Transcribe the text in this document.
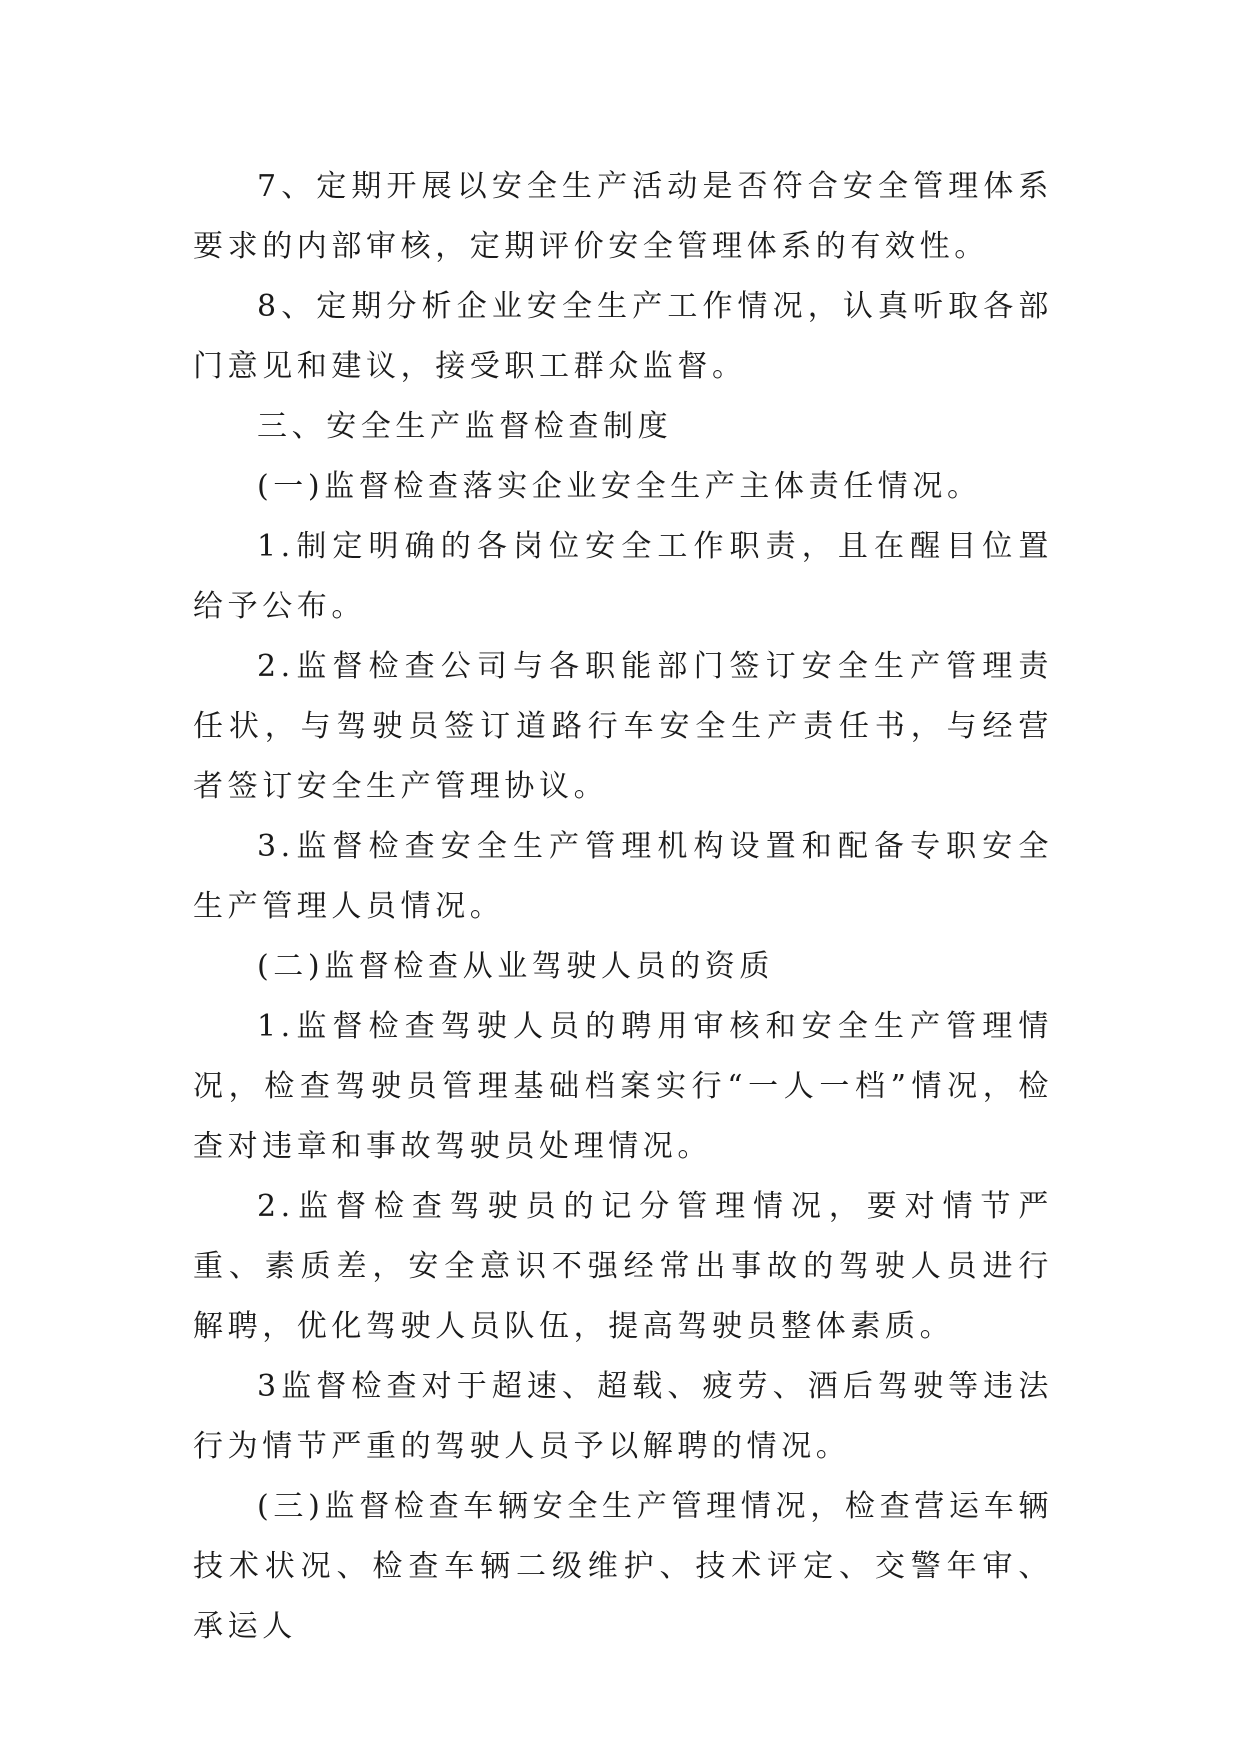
7、定期开展以安全生产活动是否符合安全管理体系要求的内部审核，定期评价安全管理体系的有效性。

8、定期分析企业安全生产工作情况，认真听取各部门意见和建议，接受职工群众监督。

三、安全生产监督检查制度

(一)监督检查落实企业安全生产主体责任情况。

1.制定明确的各岗位安全工作职责，且在醒目位置给予公布。

2.监督检查公司与各职能部门签订安全生产管理责任状，与驾驶员签订道路行车安全生产责任书，与经营者签订安全生产管理协议。

3.监督检查安全生产管理机构设置和配备专职安全生产管理人员情况。

(二)监督检查从业驾驶人员的资质

1.监督检查驾驶人员的聘用审核和安全生产管理情况，检查驾驶员管理基础档案实行“一人一档”情况，检查对违章和事故驾驶员处理情况。

2.监督检查驾驶员的记分管理情况，要对情节严重、素质差，安全意识不强经常出事故的驾驶人员进行解聘，优化驾驶人员队伍，提高驾驶员整体素质。

3监督检查对于超速、超载、疲劳、酒后驾驶等违法行为情节严重的驾驶人员予以解聘的情况。

(三)监督检查车辆安全生产管理情况，检查营运车辆技术状况、检查车辆二级维护、技术评定、交警年审、承运人
